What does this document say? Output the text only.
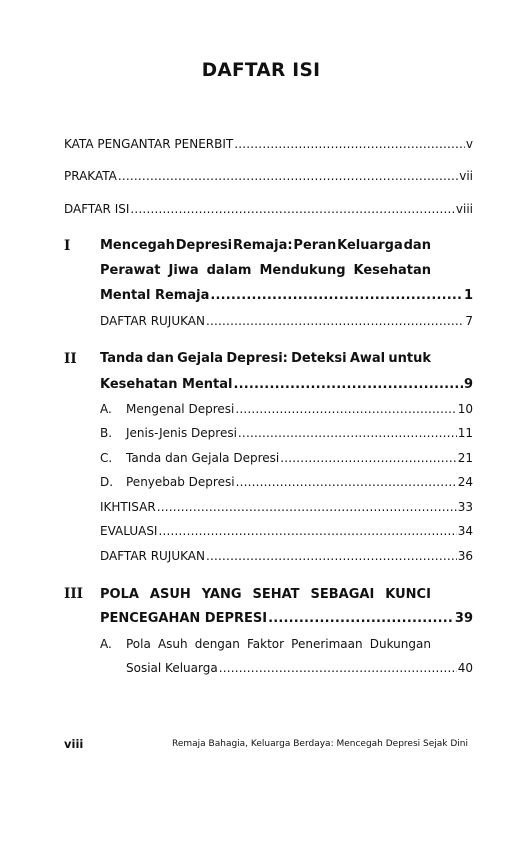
DAFTAR ISI
KATA PENGANTAR PENERBIT .....	v
PRAKATA .....	vii
DAFTAR ISI .....	viii
I Mencegah Depresi Remaja: Peran Keluarga dan
Perawat Jiwa dalam Mendukung Kesehatan
Mental Remaja .....	1
DAFTAR RUJUKAN .....	7
II Tanda dan Gejala Depresi: Deteksi Awal untuk
Kesehatan Mental .....	9
A.	Mengenal Depresi .....	10
B.	Jenis-Jenis Depresi .....	11
C.	Tanda dan Gejala Depresi .....	21
D.	Penyebab Depresi .....	24
IKHTISAR .....	33
EVALUASI .....	34
DAFTAR RUJUKAN .....	36
III POLA ASUH YANG SEHAT SEBAGAI KUNCI
PENCEGAHAN DEPRESI .....	39
A. Pola Asuh dengan Faktor Penerimaan Dukungan
Sosial Keluarga .....	40
viii	Remaja Bahagia, Keluarga Berdaya: Mencegah Depresi Sejak Dini
